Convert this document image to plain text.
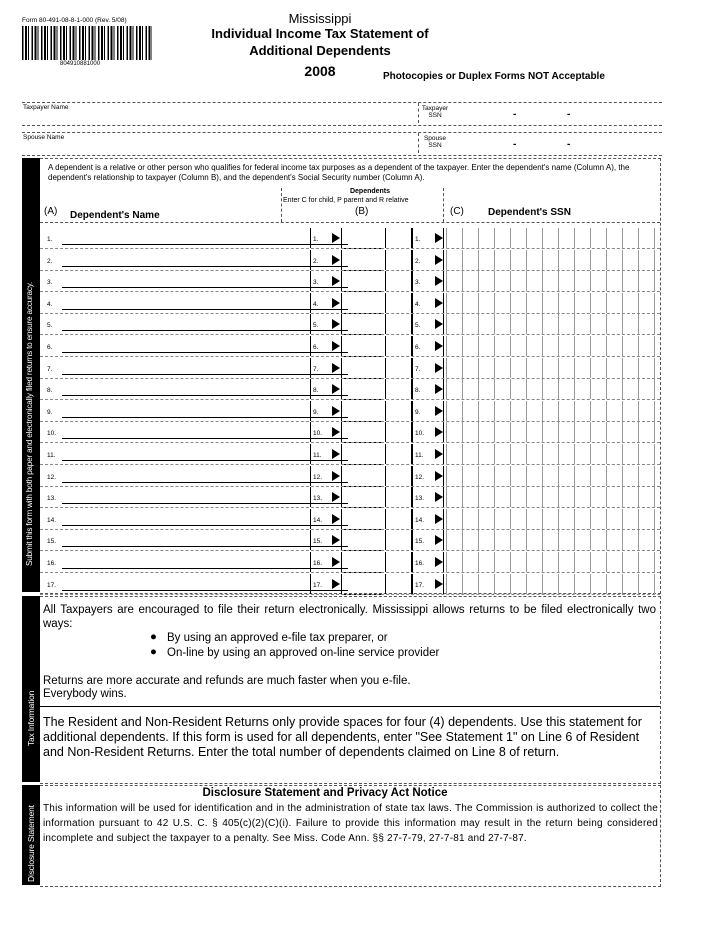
Form 80-491-08-8-1-000 (Rev. 5/08)
804910881000
Mississippi
Individual Income Tax Statement of
Additional Dependents
2008	Photocopies or Duplex Forms NOT Acceptable
Taxpayer Name	Taxpayer
SSN	-	-
Spouse Name	Spouse
SSN	-	-
Submit this form with both paper and electronically filed returns to ensure accuracy.
Tax Information
Disclosure Statement
A dependent is a relative or other person who qualifies for federal income tax purposes as a dependent of the taxpayer. Enter the dependent's name (Column A), the dependent's relationship to taxpayer (Column B), and the dependent's Social Security number (Column A).
Dependents
Enter C for child, P parent and R relative
(A) Dependent's Name	(B)	(C) Dependent's SSN
1.	1.	1.
2.	2.	2.
3.	3.	3.
4.	4.	4.
5.	5.	5.
6.	6.	6.
7.	7.	7.
8.	8.	8.
9.	9.	9.
10.	10.	10.
11.	11.	11.
12.	12.	12.
13.	13.	13.
14.	14.	14.
15.	15.	15.
16.	16.	16.
17.	17.	17.
All Taxpayers are encouraged to file their return electronically. Mississippi allows returns to be filed electronically two ways:
● By using an approved e-file tax preparer, or
● On-line by using an approved on-line service provider
Returns are more accurate and refunds are much faster when you e-file.
Everybody wins.
The Resident and Non-Resident Returns only provide spaces for four (4) dependents. Use this statement for additional dependents. If this form is used for all dependents, enter "See Statement 1" on Line 6 of Resident and Non-Resident Returns. Enter the total number of dependents claimed on Line 8 of return.
Disclosure Statement and Privacy Act Notice
This information will be used for identification and in the administration of state tax laws. The Commission is authorized to collect the information pursuant to 42 U.S. C. § 405(c)(2)(C)(i). Failure to provide this information may result in the return being considered incomplete and subject the taxpayer to a penalty. See Miss. Code Ann. §§ 27-7-79, 27-7-81 and 27-7-87.
